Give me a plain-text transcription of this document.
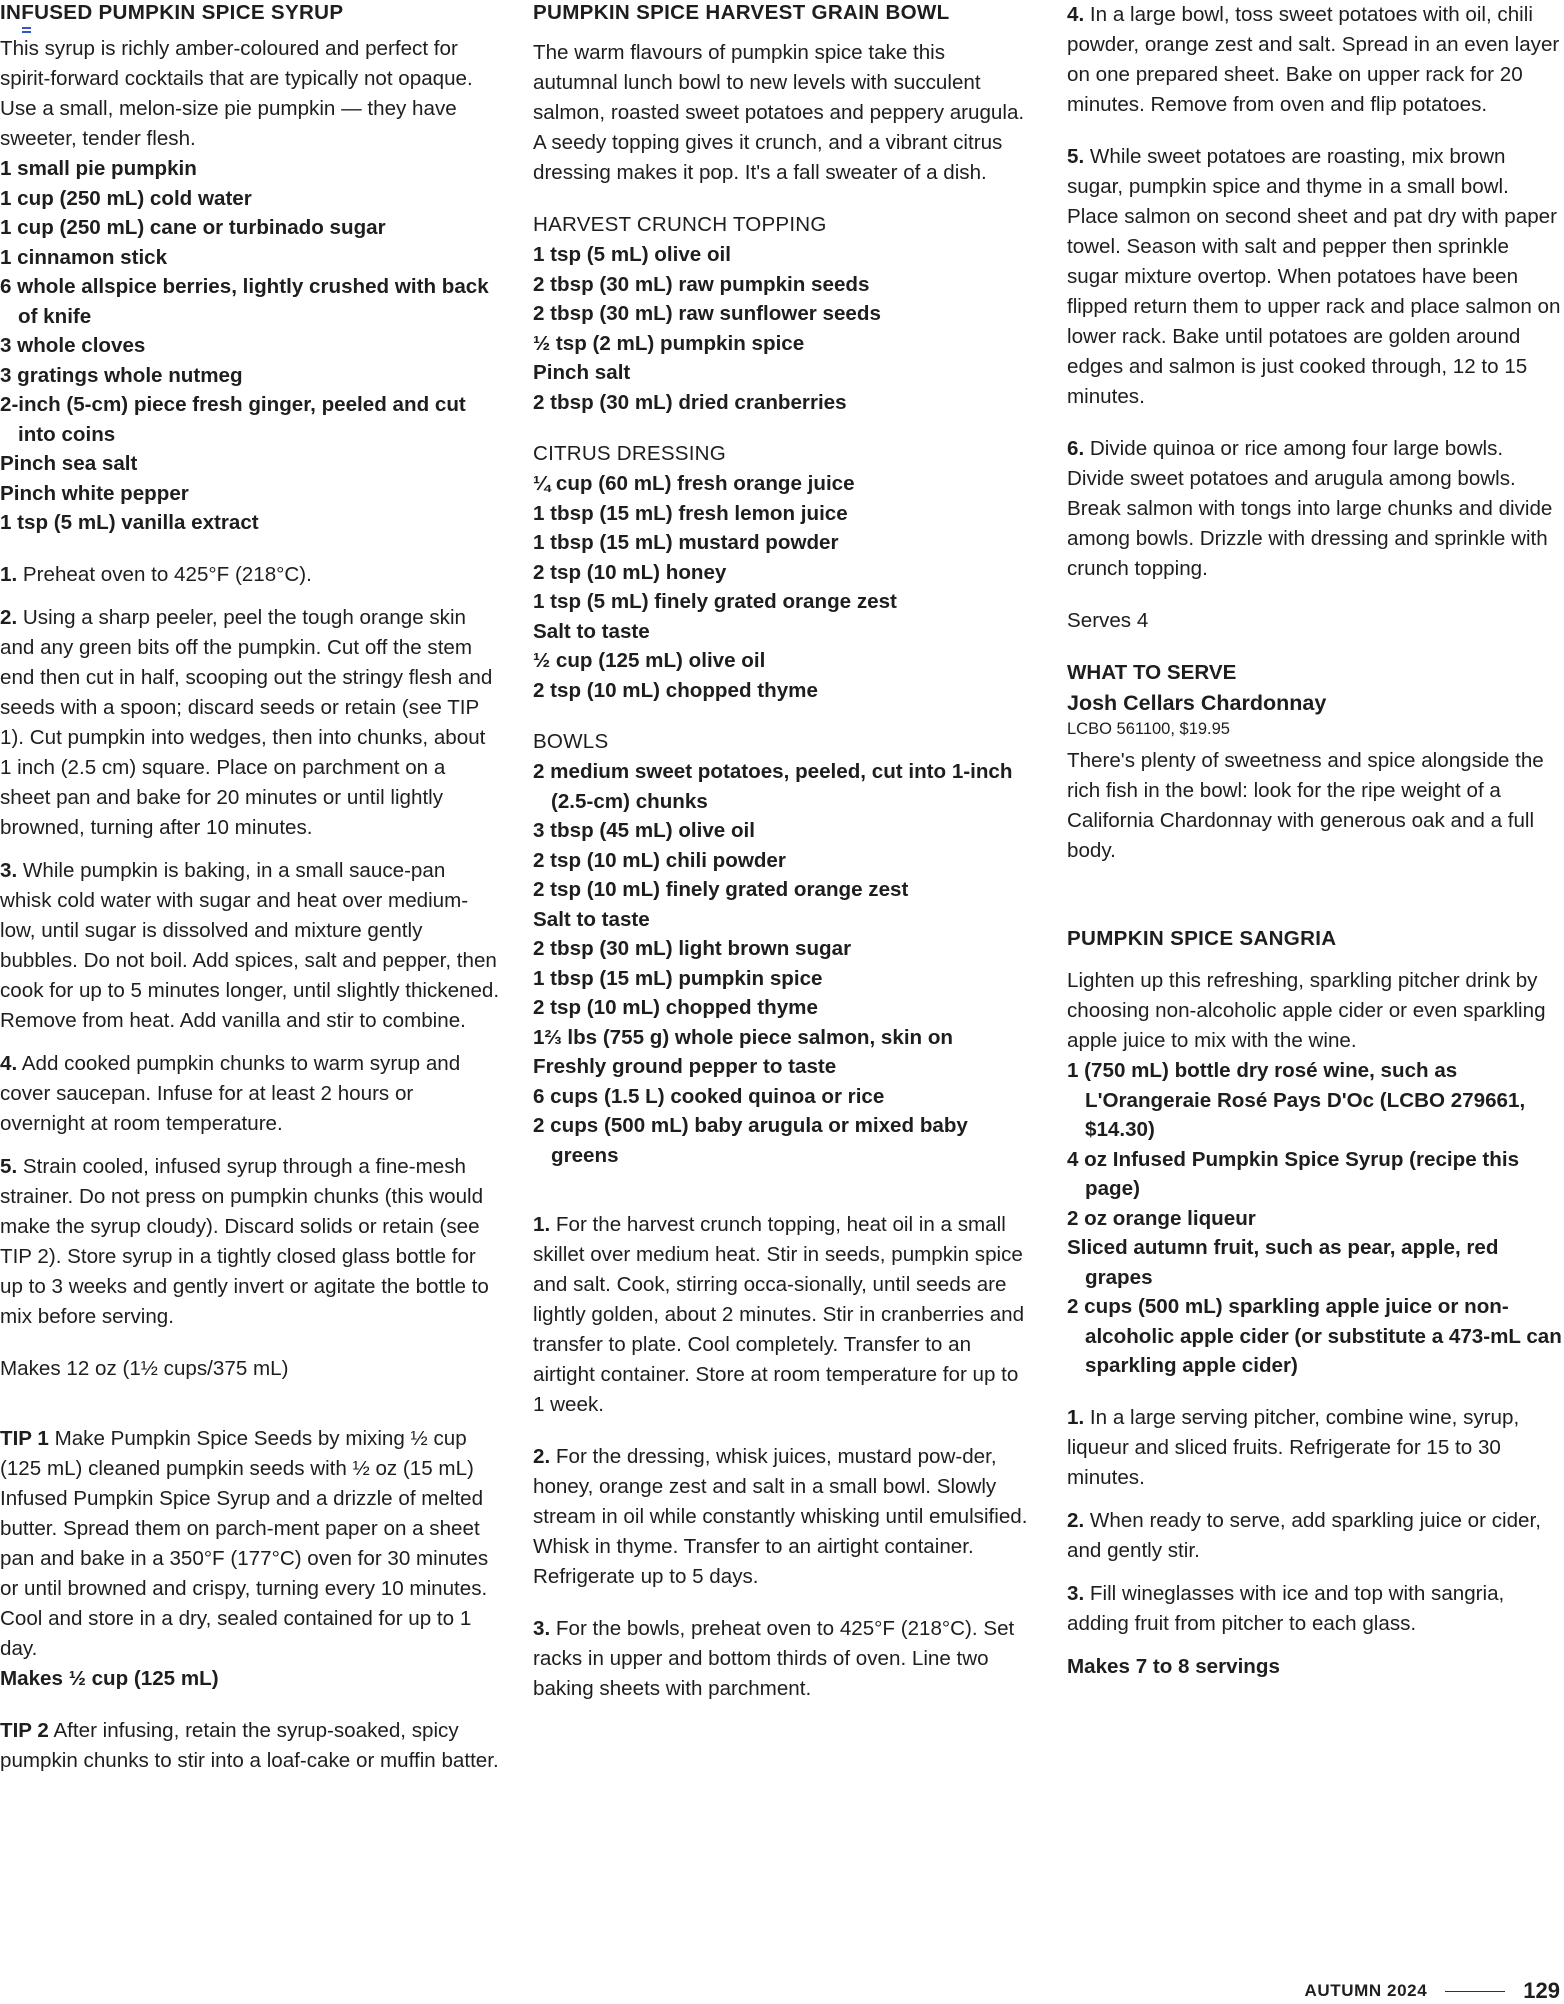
INFUSED PUMPKIN SPICE SYRUP

This syrup is richly amber-coloured and perfect for spirit-forward cocktails that are typically not opaque. Use a small, melon-size pie pumpkin — they have sweeter, tender flesh.

1 small pie pumpkin
1 cup (250 mL) cold water
1 cup (250 mL) cane or turbinado sugar
1 cinnamon stick
6 whole allspice berries, lightly crushed with back of knife
3 whole cloves
3 gratings whole nutmeg
2-inch (5-cm) piece fresh ginger, peeled and cut into coins
Pinch sea salt
Pinch white pepper
1 tsp (5 mL) vanilla extract

1. Preheat oven to 425°F (218°C).

2. Using a sharp peeler, peel the tough orange skin and any green bits off the pumpkin. Cut off the stem end then cut in half, scooping out the stringy flesh and seeds with a spoon; discard seeds or retain (see TIP 1). Cut pumpkin into wedges, then into chunks, about 1 inch (2.5 cm) square. Place on parchment on a sheet pan and bake for 20 minutes or until lightly browned, turning after 10 minutes.

3. While pumpkin is baking, in a small sauce-pan whisk cold water with sugar and heat over medium-low, until sugar is dissolved and mixture gently bubbles. Do not boil. Add spices, salt and pepper, then cook for up to 5 minutes longer, until slightly thickened. Remove from heat. Add vanilla and stir to combine.

4. Add cooked pumpkin chunks to warm syrup and cover saucepan. Infuse for at least 2 hours or overnight at room temperature.

5. Strain cooled, infused syrup through a fine-mesh strainer. Do not press on pumpkin chunks (this would make the syrup cloudy). Discard solids or retain (see TIP 2). Store syrup in a tightly closed glass bottle for up to 3 weeks and gently invert or agitate the bottle to mix before serving.

Makes 12 oz (1½ cups/375 mL)

TIP 1 Make Pumpkin Spice Seeds by mixing ½ cup (125 mL) cleaned pumpkin seeds with ½ oz (15 mL) Infused Pumpkin Spice Syrup and a drizzle of melted butter. Spread them on parch-ment paper on a sheet pan and bake in a 350°F (177°C) oven for 30 minutes or until browned and crispy, turning every 10 minutes. Cool and store in a dry, sealed contained for up to 1 day.

Makes ½ cup (125 mL)

TIP 2 After infusing, retain the syrup-soaked, spicy pumpkin chunks to stir into a loaf-cake or muffin batter.

PUMPKIN SPICE HARVEST GRAIN BOWL

The warm flavours of pumpkin spice take this autumnal lunch bowl to new levels with succulent salmon, roasted sweet potatoes and peppery arugula. A seedy topping gives it crunch, and a vibrant citrus dressing makes it pop. It's a fall sweater of a dish.

HARVEST CRUNCH TOPPING

1 tsp (5 mL) olive oil
2 tbsp (30 mL) raw pumpkin seeds
2 tbsp (30 mL) raw sunflower seeds
½ tsp (2 mL) pumpkin spice
Pinch salt
2 tbsp (30 mL) dried cranberries

CITRUS DRESSING

¼ cup (60 mL) fresh orange juice
1 tbsp (15 mL) fresh lemon juice
1 tbsp (15 mL) mustard powder
2 tsp (10 mL) honey
1 tsp (5 mL) finely grated orange zest
Salt to taste
½ cup (125 mL) olive oil
2 tsp (10 mL) chopped thyme

BOWLS

2 medium sweet potatoes, peeled, cut into 1-inch (2.5-cm) chunks
3 tbsp (45 mL) olive oil
2 tsp (10 mL) chili powder
2 tsp (10 mL) finely grated orange zest
Salt to taste
2 tbsp (30 mL) light brown sugar
1 tbsp (15 mL) pumpkin spice
2 tsp (10 mL) chopped thyme
1⅔ lbs (755 g) whole piece salmon, skin on
Freshly ground pepper to taste
6 cups (1.5 L) cooked quinoa or rice
2 cups (500 mL) baby arugula or mixed baby greens

1. For the harvest crunch topping, heat oil in a small skillet over medium heat. Stir in seeds, pumpkin spice and salt. Cook, stirring occa-sionally, until seeds are lightly golden, about 2 minutes. Stir in cranberries and transfer to plate. Cool completely. Transfer to an airtight container. Store at room temperature for up to 1 week.

2. For the dressing, whisk juices, mustard pow-der, honey, orange zest and salt in a small bowl. Slowly stream in oil while constantly whisking until emulsified. Whisk in thyme. Transfer to an airtight container. Refrigerate up to 5 days.

3. For the bowls, preheat oven to 425°F (218°C). Set racks in upper and bottom thirds of oven. Line two baking sheets with parchment.

4. In a large bowl, toss sweet potatoes with oil, chili powder, orange zest and salt. Spread in an even layer on one prepared sheet. Bake on upper rack for 20 minutes. Remove from oven and flip potatoes.

5. While sweet potatoes are roasting, mix brown sugar, pumpkin spice and thyme in a small bowl. Place salmon on second sheet and pat dry with paper towel. Season with salt and pepper then sprinkle sugar mixture overtop. When potatoes have been flipped return them to upper rack and place salmon on lower rack. Bake until potatoes are golden around edges and salmon is just cooked through, 12 to 15 minutes.

6. Divide quinoa or rice among four large bowls. Divide sweet potatoes and arugula among bowls. Break salmon with tongs into large chunks and divide among bowls. Drizzle with dressing and sprinkle with crunch topping.

Serves 4

WHAT TO SERVE

Josh Cellars Chardonnay

LCBO 561100, $19.95

There's plenty of sweetness and spice alongside the rich fish in the bowl: look for the ripe weight of a California Chardonnay with generous oak and a full body.

PUMPKIN SPICE SANGRIA

Lighten up this refreshing, sparkling pitcher drink by choosing non-alcoholic apple cider or even sparkling apple juice to mix with the wine.

1 (750 mL) bottle dry rosé wine, such as L'Orangeraie Rosé Pays D'Oc (LCBO 279661, $14.30)
4 oz Infused Pumpkin Spice Syrup (recipe this page)
2 oz orange liqueur
Sliced autumn fruit, such as pear, apple, red grapes
2 cups (500 mL) sparkling apple juice or non-alcoholic apple cider (or substitute a 473-mL can sparkling apple cider)

1. In a large serving pitcher, combine wine, syrup, liqueur and sliced fruits. Refrigerate for 15 to 30 minutes.

2. When ready to serve, add sparkling juice or cider, and gently stir.

3. Fill wineglasses with ice and top with sangria, adding fruit from pitcher to each glass.

Makes 7 to 8 servings

AUTUMN 2024	129
